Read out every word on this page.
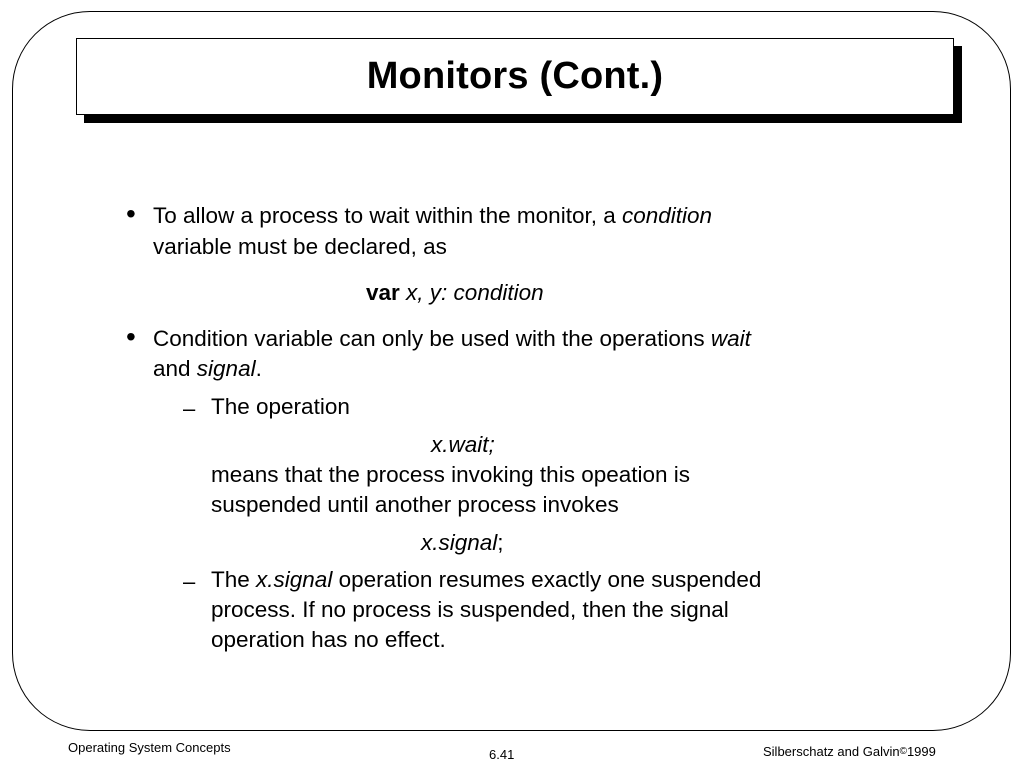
Monitors (Cont.)
• To allow a process to wait within the monitor, a condition
variable must be declared, as
var x, y: condition
• Condition variable can only be used with the operations wait
and signal.
– The operation
x.wait;
means that the process invoking this opeation is
suspended until another process invokes
x.signal;
– The x.signal operation resumes exactly one suspended
process. If no process is suspended, then the signal
operation has no effect.
Operating System Concepts	6.41	Silberschatz and Galvin©1999
